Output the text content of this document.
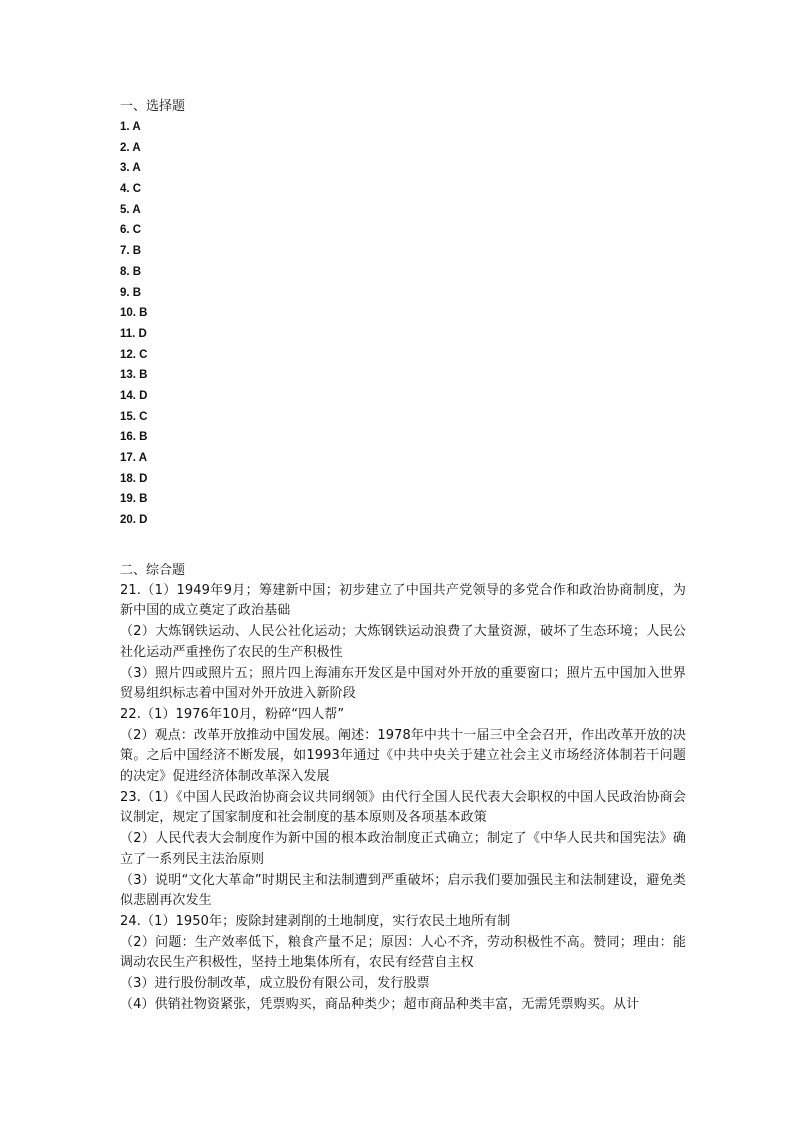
一、选择题
1. A
2. A
3. A
4. C
5. A
6. C
7. B
8. B
9. B
10. B
11. D
12. C
13. B
14. D
15. C
16. B
17. A
18. D
19. B
20. D
二、综合题

21.（1）1949年9月；筹建新中国；初步建立了中国共产党领导的多党合作和政治协商制度，为新中国的成立奠定了政治基础

（2）大炼钢铁运动、人民公社化运动；大炼钢铁运动浪费了大量资源，破坏了生态环境；人民公社化运动严重挫伤了农民的生产积极性

（3）照片四或照片五；照片四上海浦东开发区是中国对外开放的重要窗口；照片五中国加入世界贸易组织标志着中国对外开放进入新阶段

22.（1）1976年10月，粉碎“四人帮”

（2）观点：改革开放推动中国发展。阐述：1978年中共十一届三中全会召开，作出改革开放的决策。之后中国经济不断发展，如1993年通过《中共中央关于建立社会主义市场经济体制若干问题的决定》促进经济体制改革深入发展

23.（1）《中国人民政治协商会议共同纲领》由代行全国人民代表大会职权的中国人民政治协商会议制定，规定了国家制度和社会制度的基本原则及各项基本政策

（2）人民代表大会制度作为新中国的根本政治制度正式确立；制定了《中华人民共和国宪法》确立了一系列民主法治原则

（3）说明“文化大革命”时期民主和法制遭到严重破坏；启示我们要加强民主和法制建设，避免类似悲剧再次发生

24.（1）1950年；废除封建剥削的土地制度，实行农民土地所有制

（2）问题：生产效率低下，粮食产量不足；原因：人心不齐，劳动积极性不高。赞同；理由：能调动农民生产积极性，坚持土地集体所有，农民有经营自主权

（3）进行股份制改革，成立股份有限公司，发行股票

（4）供销社物资紧张，凭票购买，商品种类少；超市商品种类丰富，无需凭票购买。从计
